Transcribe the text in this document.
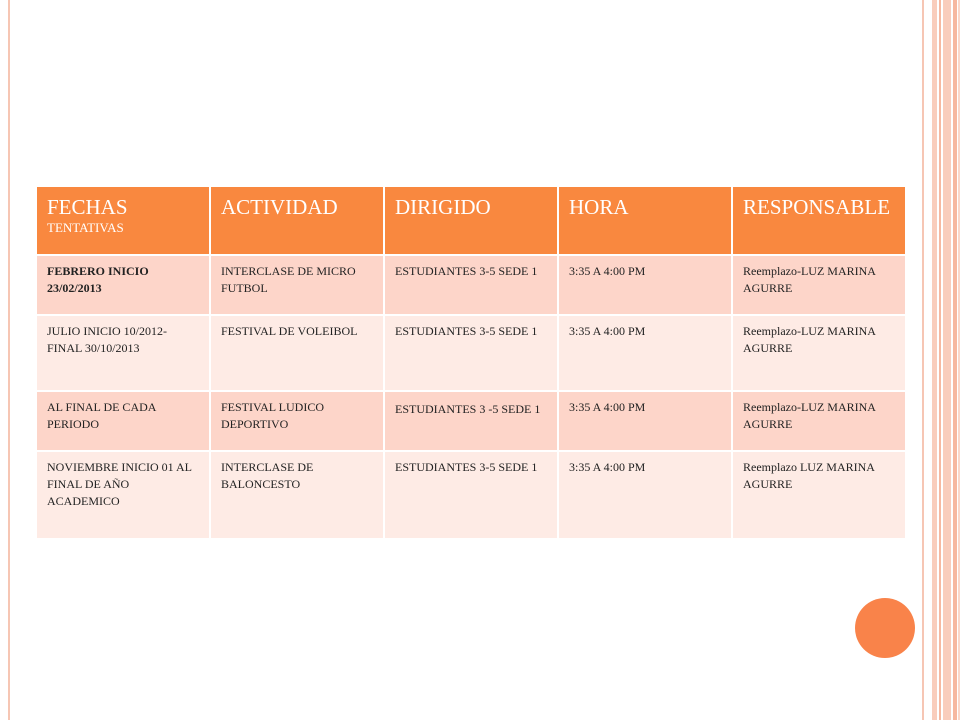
FECHAS
TENTATIVAS	ACTIVIDAD	DIRIGIDO	HORA	RESPONSABLE

FEBRERO INICIO 23/02/2013	INTERCLASE DE MICRO FUTBOL	ESTUDIANTES 3-5 SEDE 1	3:35 A 4:00 PM	Reemplazo-LUZ MARINA AGURRE
JULIO INICIO 10/2012- FINAL 30/10/2013	FESTIVAL DE VOLEIBOL	ESTUDIANTES 3-5 SEDE 1	3:35 A 4:00 PM	Reemplazo-LUZ MARINA AGURRE
AL FINAL DE CADA PERIODO	FESTIVAL LUDICO DEPORTIVO	ESTUDIANTES 3 -5 SEDE 1	3:35 A 4:00 PM	Reemplazo-LUZ MARINA AGURRE
NOVIEMBRE INICIO 01 AL FINAL DE AÑO ACADEMICO	INTERCLASE DE BALONCESTO	ESTUDIANTES 3-5 SEDE 1	3:35 A 4:00 PM	Reemplazo LUZ MARINA AGURRE
